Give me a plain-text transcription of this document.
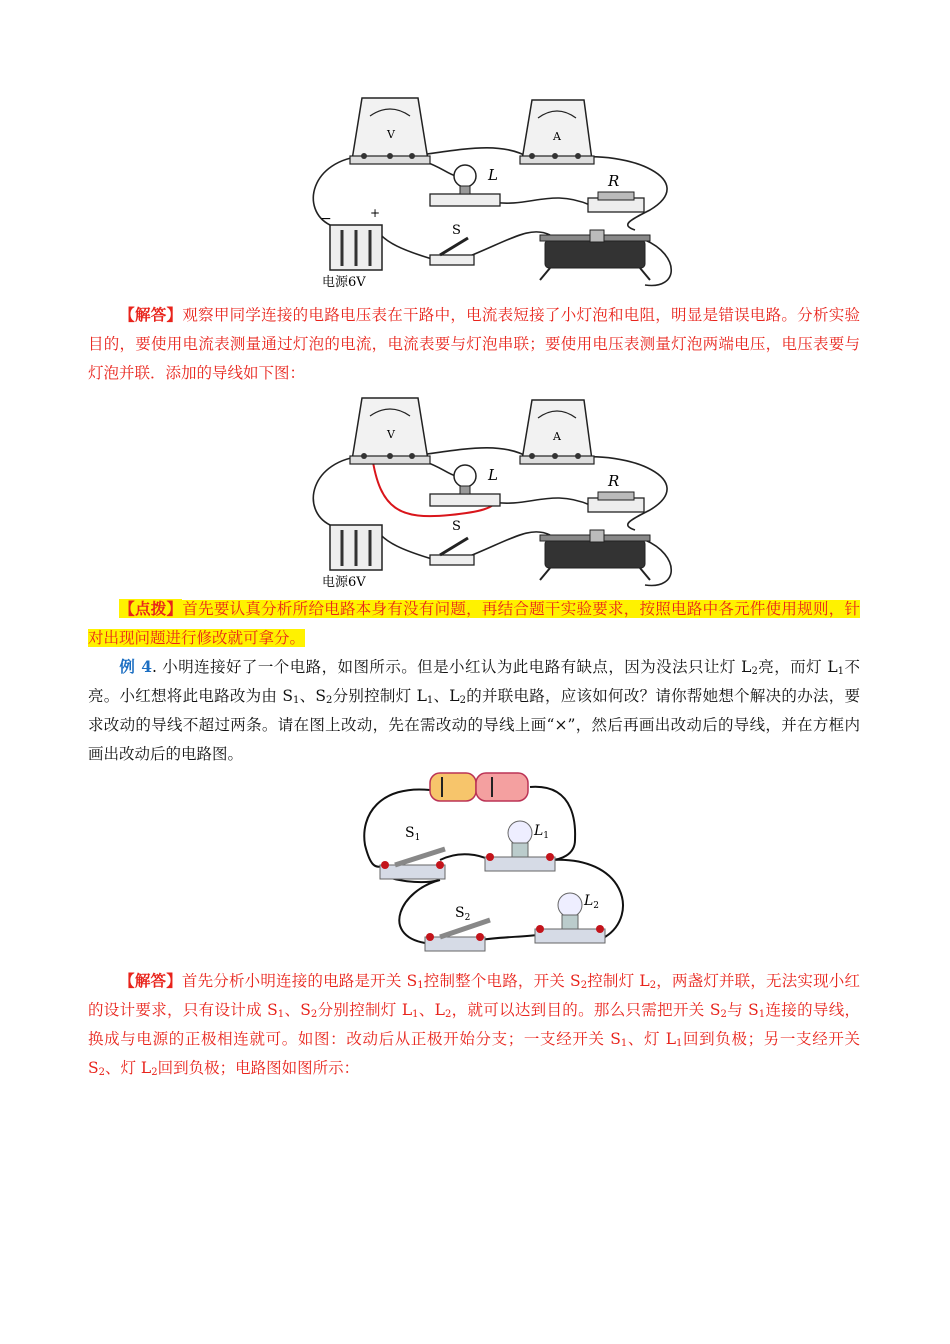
V	A
L	R
−	+
电源6V
S
【解答】观察甲同学连接的电路电压表在干路中，电流表短接了小灯泡和电阻，明显是错误电路。分析实验目的，要使用电流表测量通过灯泡的电流，电流表要与灯泡串联；要使用电压表测量灯泡两端电压，电压表要与灯泡并联．添加的导线如下图：
V	A
L	R
电源6V
S
【点拨】首先要认真分析所给电路本身有没有问题，再结合题干实验要求，按照电路中各元件使用规则，针对出现问题进行修改就可拿分。
例 4. 小明连接好了一个电路，如图所示。但是小红认为此电路有缺点，因为没法只让灯 $L_2$亮，而灯 $L_1$不亮。小红想将此电路改为由 $S_1$、$S_2$分别控制灯 $L_1$、$L_2$的并联电路，应该如何改？请你帮她想个解决的办法，要求改动的导线不超过两条。请在图上改动，先在需改动的导线上画“×”，然后再画出改动后的导线，并在方框内画出改动后的电路图。
$S_1$	$L_1$
$S_2$
$L_2$
【解答】首先分析小明连接的电路是开关 $S_1$控制整个电路，开关 $S_2$控制灯 $L_2$，两盏灯并联，无法实现小红的设计要求，只有设计成 $S_1$、$S_2$分别控制灯 $L_1$、$L_2$，就可以达到目的。那么只需把开关 $S_2$与 $S_1$连接的导线，换成与电源的正极相连就可。如图：改动后从正极开始分支；一支经开关 $S_1$、灯 $L_1$回到负极；另一支经开关 $S_2$、灯 $L_2$回到负极；电路图如图所示：
